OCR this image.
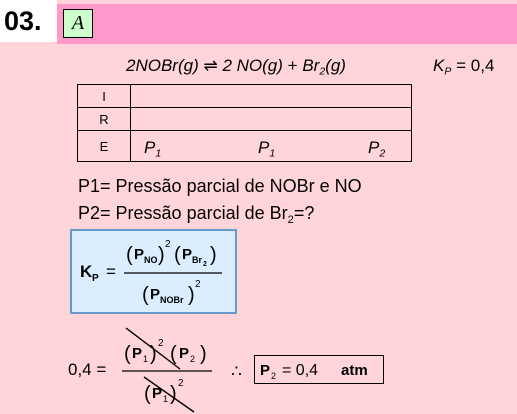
03.	A
2NOBr(g) ⇌ 2 $NO(g) + Br_2(g)$	$K_P = 0,4$
I	
R	
E	$P_1$	$P_1$	$P_2$
P1= Pressão parcial de NOBr e NO
P2= Pressão parcial de $Br_2=$?
K P =
( P NO ) 2 ( P Br 2 )
( P NOBr ) 2
0,4 =
( P 1 ) 2 ( P 2 )
( P 1 ) 2
∴ P 2 = 0,4 atm
